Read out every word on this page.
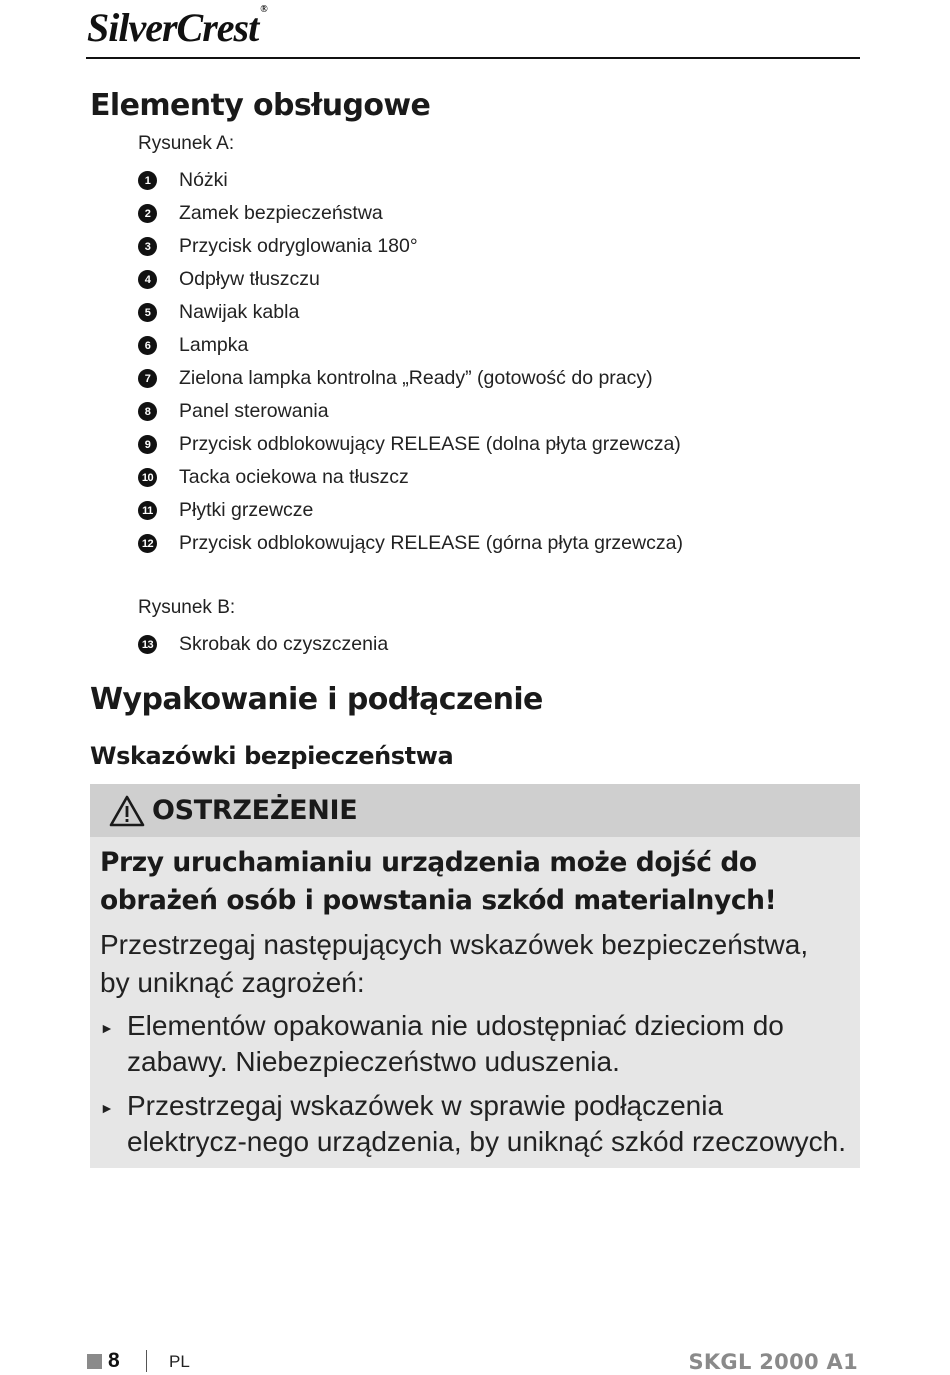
SilverCrest ®
Elementy obsługowe
Rysunek A:
1	Nóżki
2	Zamek bezpieczeństwa
3	Przycisk odryglowania 180°
4	Odpływ tłuszczu
5	Nawijak kabla
6	Lampka
7	Zielona lampka kontrolna „Ready” (gotowość do pracy)
8	Panel sterowania
9	Przycisk odblokowujący RELEASE (dolna płyta grzewcza)
10 Tacka ociekowa na tłuszcz
11 Płytki grzewcze
12 Przycisk odblokowujący RELEASE (górna płyta grzewcza)
Rysunek B:
13 Skrobak do czyszczenia
Wypakowanie i podłączenie
Wskazówki bezpieczeństwa
OSTRZEŻENIE

Przy uruchamianiu urządzenia może dojść do obrażeń osób i powstania szkód materialnych!

Przestrzegaj następujących wskazówek bezpieczeństwa, by uniknąć zagrożeń:

► Elementów opakowania nie udostępniać dzieciom do zabawy. Niebezpieczeństwo uduszenia.
► Przestrzegaj wskazówek w sprawie podłączenia elektrycz-nego urządzenia, by uniknąć szkód rzeczowych.
8	PL	SKGL 2000 A1
